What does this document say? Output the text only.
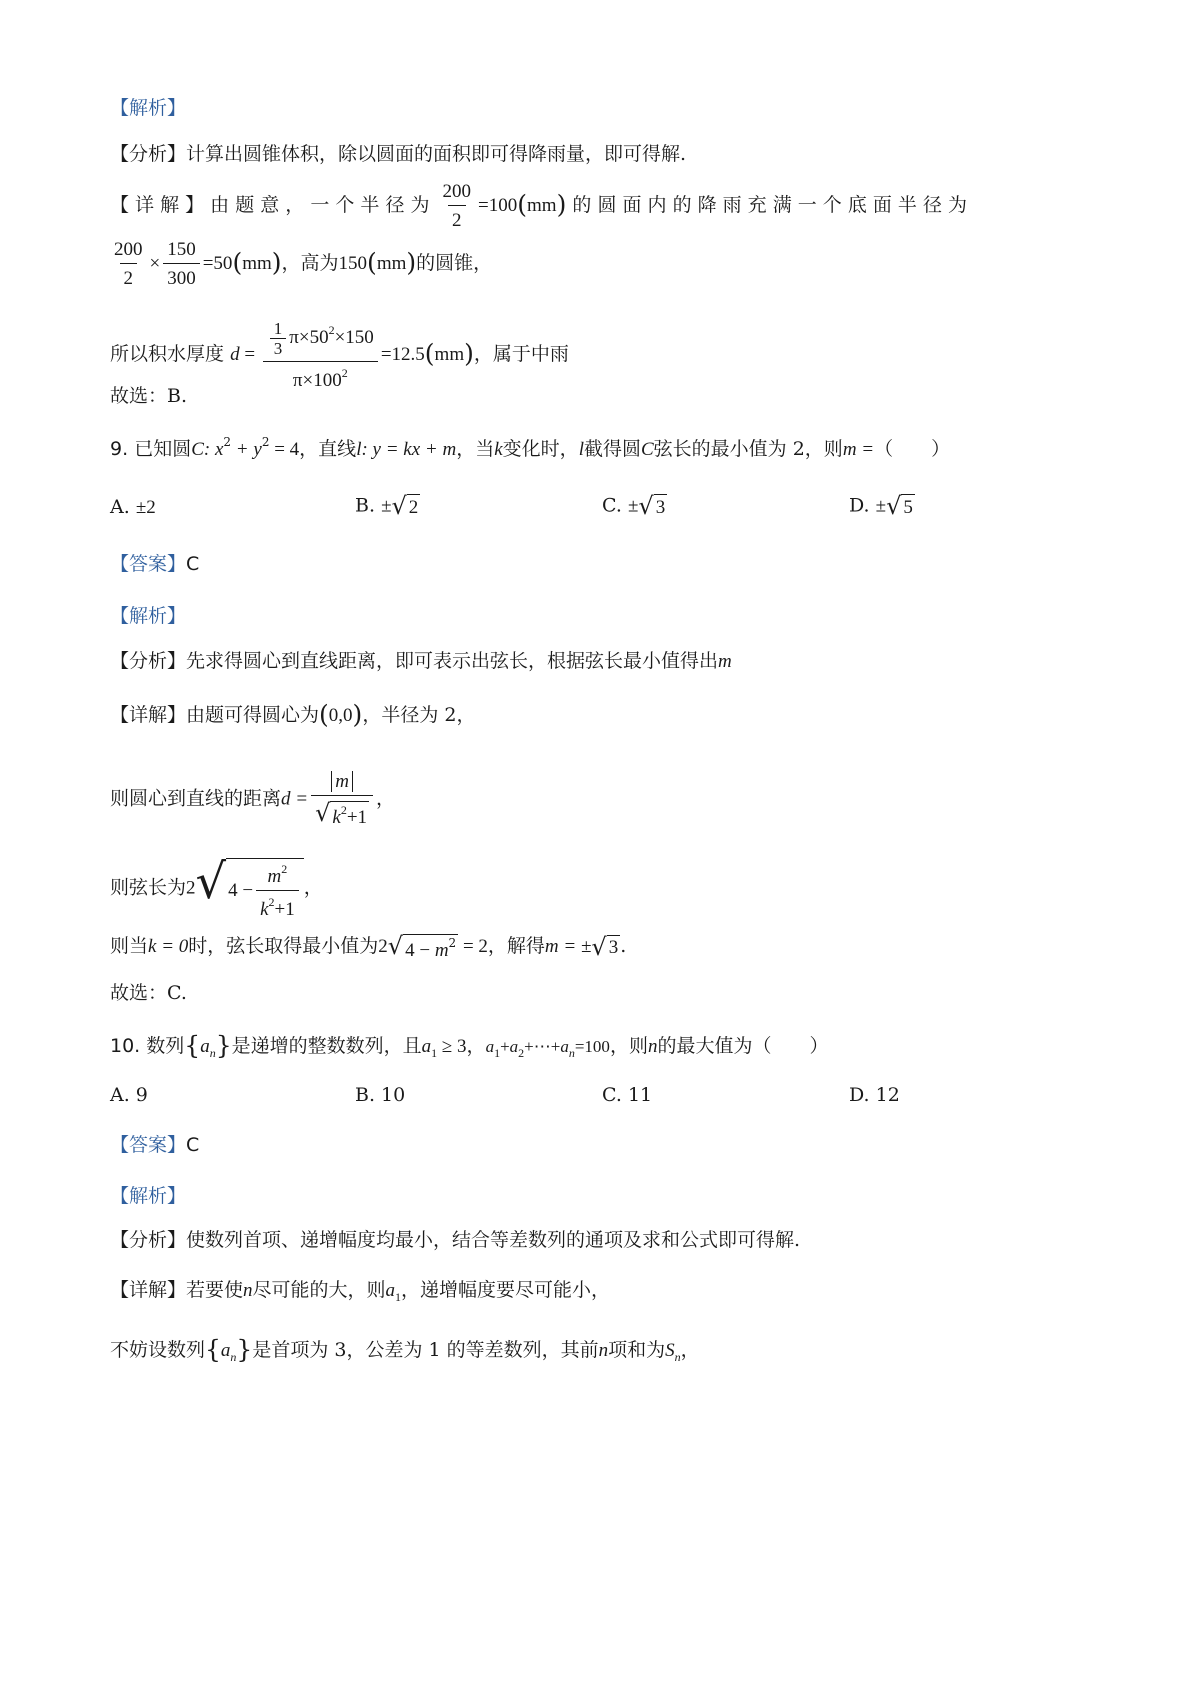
【解析】
【分析】计算出圆锥体积，除以圆面的面积即可得降雨量，即可得解.
【 详 解 】 由 题 意 ， 一 个 半 径 为 $\frac{200}{2} =100(mm)$ 的 圆 面 内 的 降 雨 充 满 一 个 底 面 半 径 为
$\frac{200}{2} \times \frac{150}{300} =50(mm)$，高为150(mm)的圆锥，
所以积水厚度 $d = \frac{\frac{1}{3} \pi\times 50^2\times 150}{\pi\times 100^2} =12.5(mm)$，属于中雨
故选：B.
9. 已知圆C: $x^2 + y^2 = 4$，直线l: y = kx + m，当k变化时，l截得圆C弦长的最小值为 2，则m =（　　）
A. ±2	B. ± √ 2	C. ± √ 3	D. ± √ 5
【答案】C
【解析】
【分析】先求得圆心到直线距离，即可表示出弦长，根据弦长最小值得出m
【详解】由题可得圆心为(0,0)，半径为 2，
则圆心到直线的距离$d = \frac{m}{√ k^2+1}$ ，
则弦长为2 √ $4 - \frac{m^2}{k^2+1}$ ，
则当k = 0时，弦长取得最小值为2 √ $4 - m^2 = 2$，解得m = ± √ 3 .
故选：C.
10. 数列$\{a_n\}$是递增的整数数列，且$a_1 \ge 3$，$a_1+a_2+\cdots+a_n=100$，则n的最大值为（　　）
A. 9	B. 10	C. 11	D. 12
【答案】C
【解析】
【分析】使数列首项、递增幅度均最小，结合等差数列的通项及求和公式即可得解.
【详解】若要使n尽可能的大，则$a_1$，递增幅度要尽可能小，
不妨设数列$\{a_n\}$是首项为 3，公差为 1 的等差数列，其前n项和为$S_n$，
